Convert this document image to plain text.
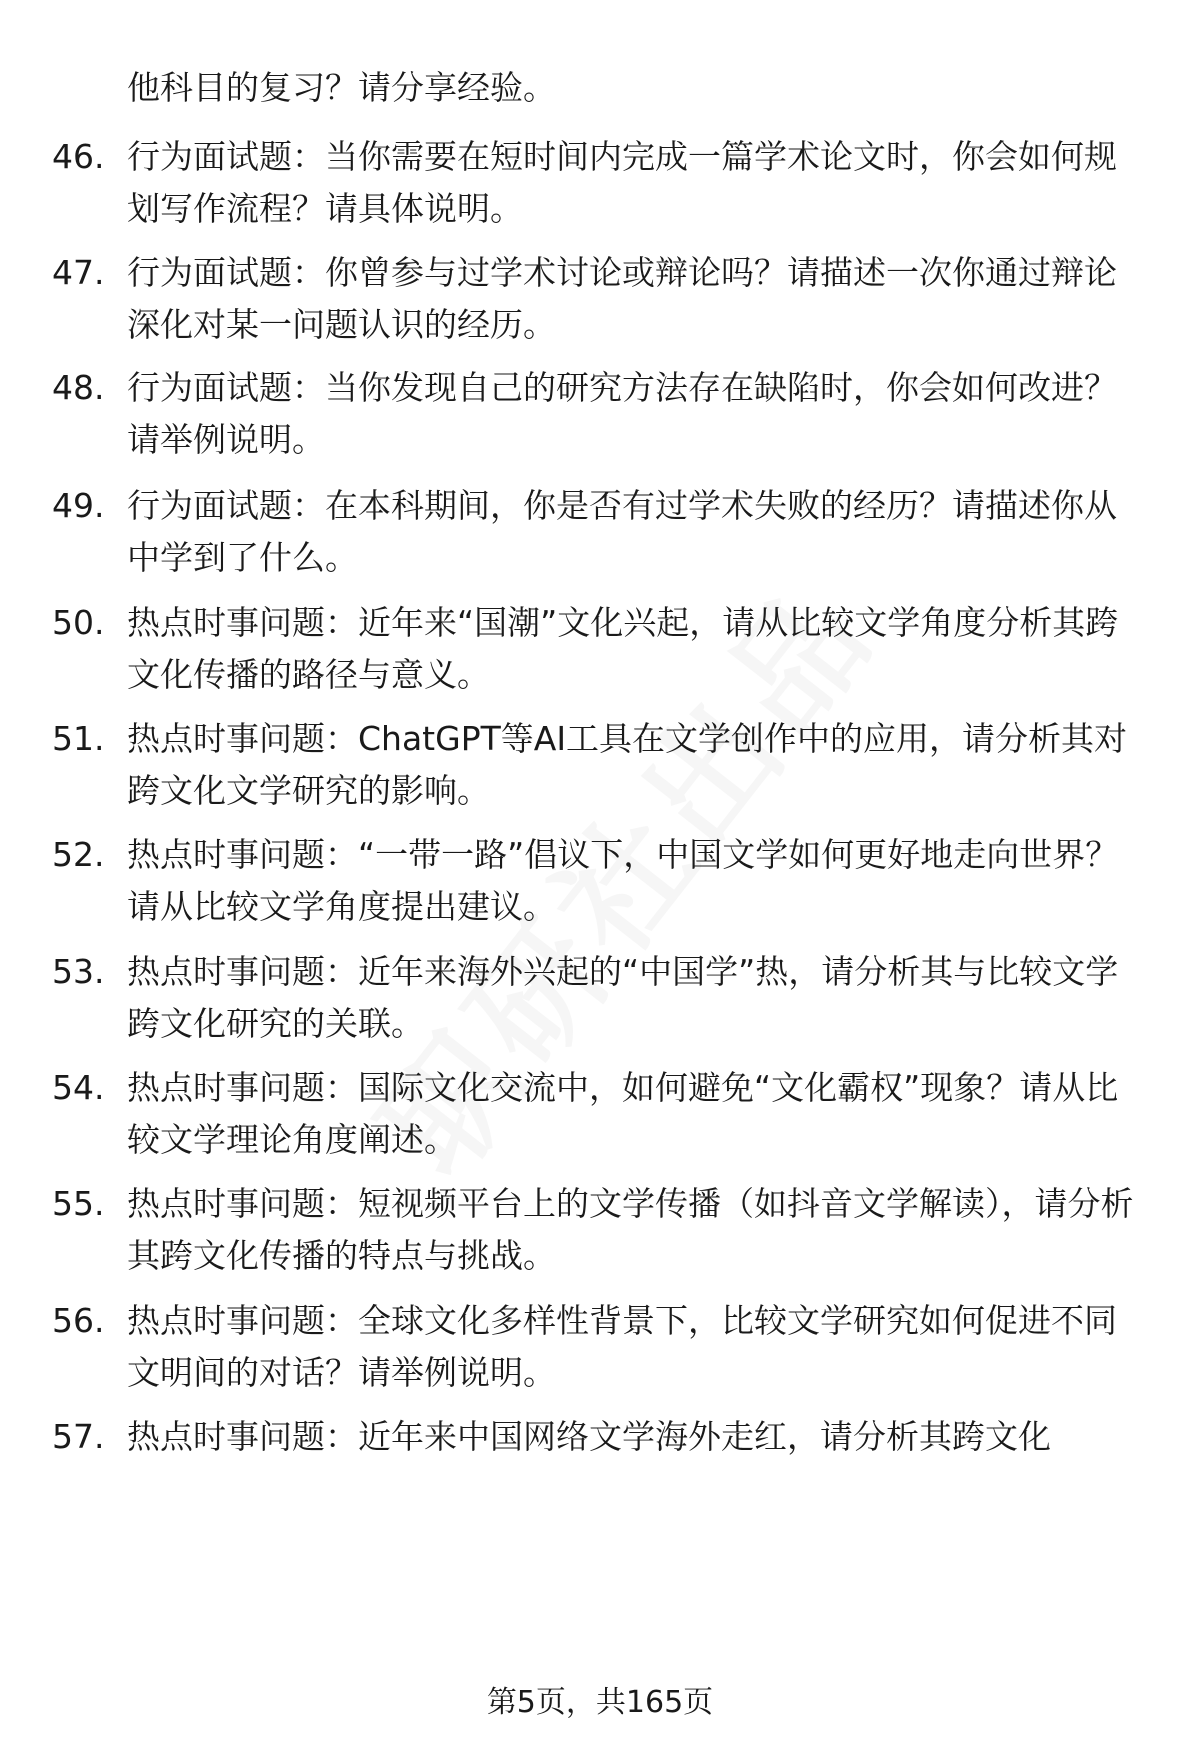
他科目的复习？请分享经验。
46. 行为面试题：当你需要在短时间内完成一篇学术论文时，你会如何规划写作流程？请具体说明。
47. 行为面试题：你曾参与过学术讨论或辩论吗？请描述一次你通过辩论深化对某一问题认识的经历。
48. 行为面试题：当你发现自己的研究方法存在缺陷时，你会如何改进？请举例说明。
49. 行为面试题：在本科期间，你是否有过学术失败的经历？请描述你从中学到了什么。
50. 热点时事问题：近年来“国潮”文化兴起，请从比较文学角度分析其跨文化传播的路径与意义。
51. 热点时事问题：ChatGPT等AI工具在文学创作中的应用，请分析其对跨文化文学研究的影响。
52. 热点时事问题：“一带一路”倡议下，中国文学如何更好地走向世界？请从比较文学角度提出建议。
53. 热点时事问题：近年来海外兴起的“中国学”热，请分析其与比较文学跨文化研究的关联。
54. 热点时事问题：国际文化交流中，如何避免“文化霸权”现象？请从比较文学理论角度阐述。
55. 热点时事问题：短视频平台上的文学传播（如抖音文学解读），请分析其跨文化传播的特点与挑战。
56. 热点时事问题：全球文化多样性背景下，比较文学研究如何促进不同文明间的对话？请举例说明。
57. 热点时事问题：近年来中国网络文学海外走红，请分析其跨文化
第5页，共165页
